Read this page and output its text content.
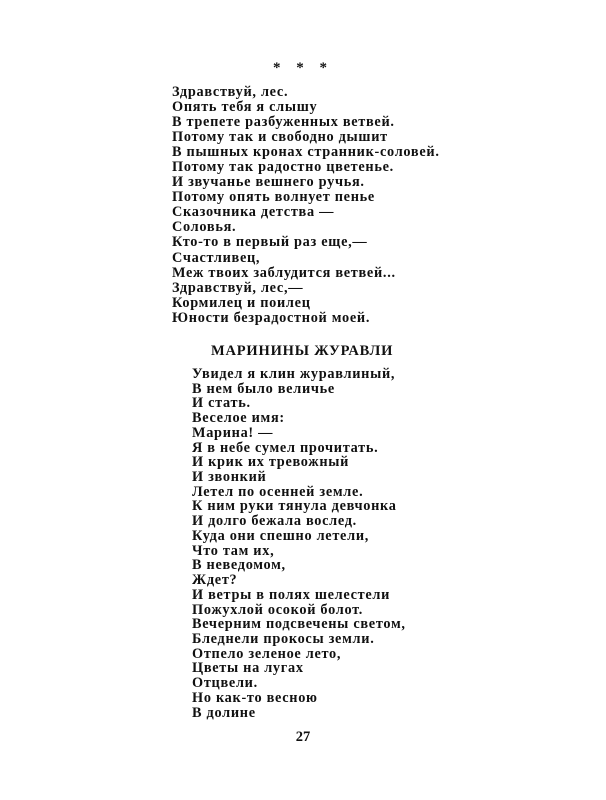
* * *
Здравствуй, лес.
Опять тебя я слышу
В трепете разбуженных ветвей.
Потому так и свободно дышит
В пышных кронах странник-соловей.
Потому так радостно цветенье.
И звучанье вешнего ручья.
Потому опять волнует пенье
Сказочника детства —
Соловья.
Кто-то в первый раз еще,—
Счастливец,
Меж твоих заблудится ветвей...
Здравствуй, лес,—
Кормилец и поилец
Юности безрадостной моей.
МАРИНИНЫ ЖУРАВЛИ
Увидел я клин журавлиный,
В нем было величье
И стать.
Веселое имя:
Марина! —
Я в небе сумел прочитать.
И крик их тревожный
И звонкий
Летел по осенней земле.
К ним руки тянула девчонка
И долго бежала вослед.
Куда они спешно летели,
Что там их,
В неведомом,
Ждет?
И ветры в полях шелестели
Пожухлой осокой болот.
Вечерним подсвечены светом,
Бледнели прокосы земли.
Отпело зеленое лето,
Цветы на лугах
Отцвели.
Но как-то весною
В долине
27
